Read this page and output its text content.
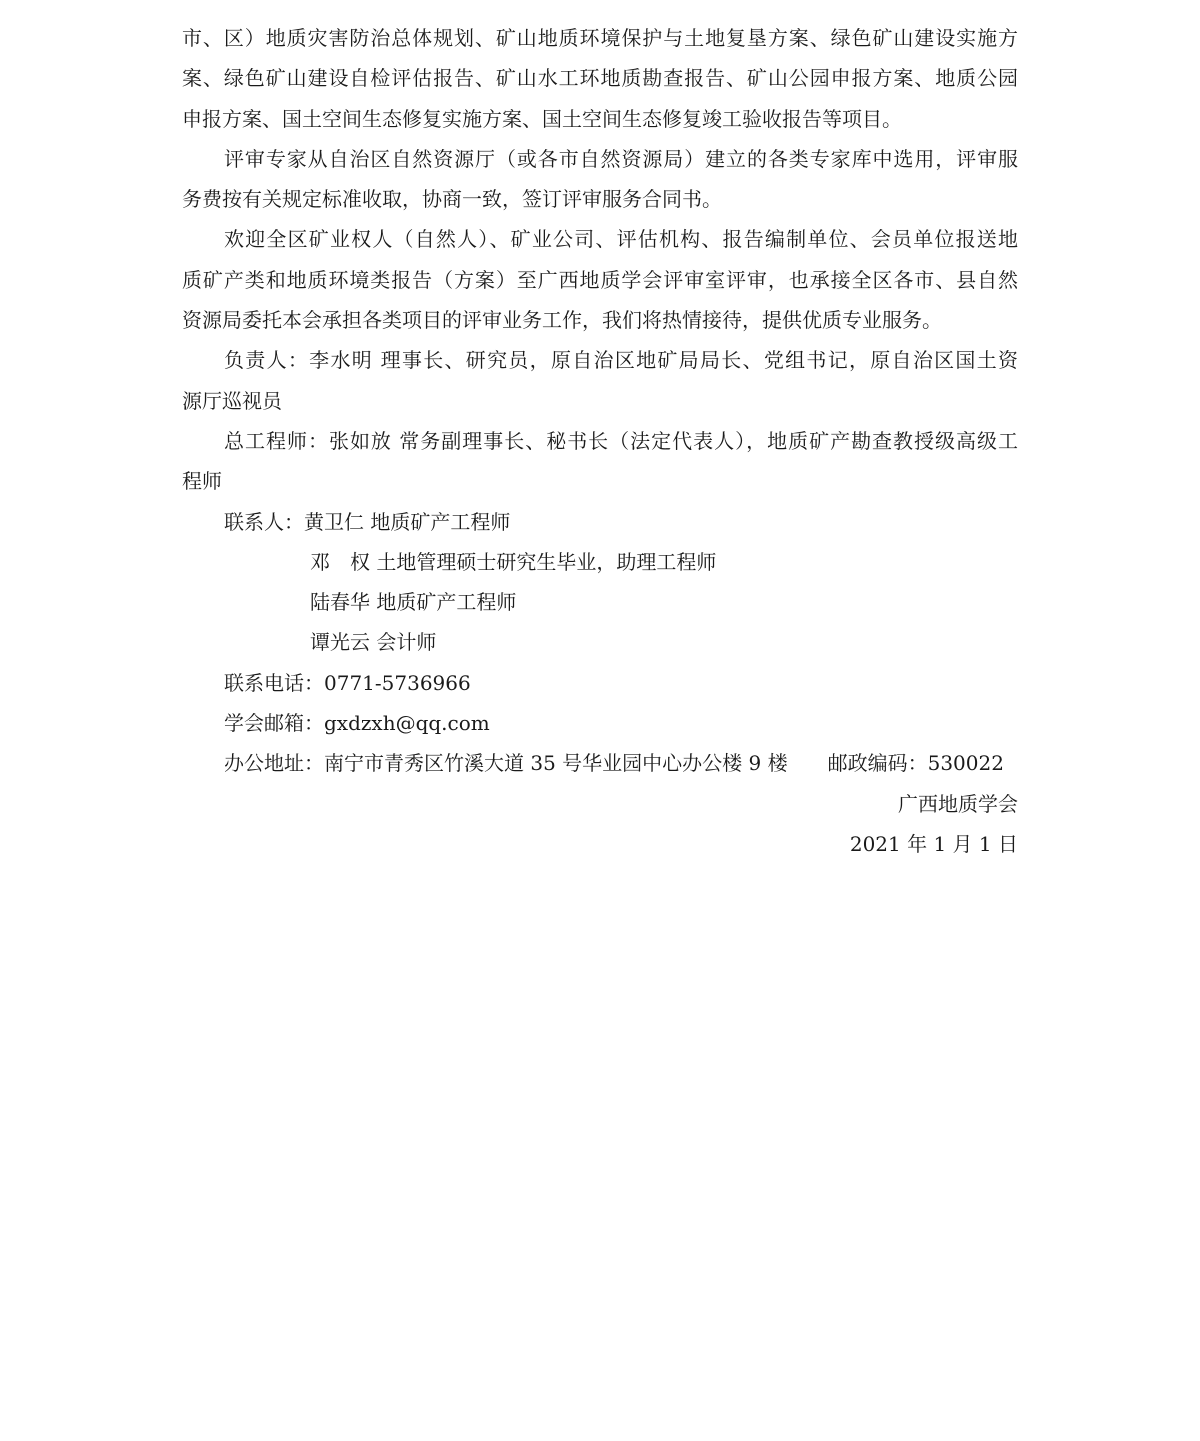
市、区）地质灾害防治总体规划、矿山地质环境保护与土地复垦方案、绿色矿山建设实施方
案、绿色矿山建设自检评估报告、矿山水工环地质勘查报告、矿山公园申报方案、地质公园
申报方案、国土空间生态修复实施方案、国土空间生态修复竣工验收报告等项目。
评审专家从自治区自然资源厅（或各市自然资源局）建立的各类专家库中选用，评审服
务费按有关规定标准收取，协商一致，签订评审服务合同书。
欢迎全区矿业权人（自然人）、矿业公司、评估机构、报告编制单位、会员单位报送地
质矿产类和地质环境类报告（方案）至广西地质学会评审室评审，也承接全区各市、县自然
资源局委托本会承担各类项目的评审业务工作，我们将热情接待，提供优质专业服务。
负责人：李水明 理事长、研究员，原自治区地矿局局长、党组书记，原自治区国土资
源厅巡视员
总工程师：张如放 常务副理事长、秘书长（法定代表人），地质矿产勘查教授级高级工
程师
联系人：黄卫仁 地质矿产工程师
邓　权 土地管理硕士研究生毕业，助理工程师
陆春华 地质矿产工程师
谭光云 会计师
联系电话：0771-5736966
学会邮箱：gxdzxh@qq.com
办公地址：南宁市青秀区竹溪大道 35 号华业园中心办公楼 9 楼　　邮政编码：530022
广西地质学会
2021 年 1 月 1 日
